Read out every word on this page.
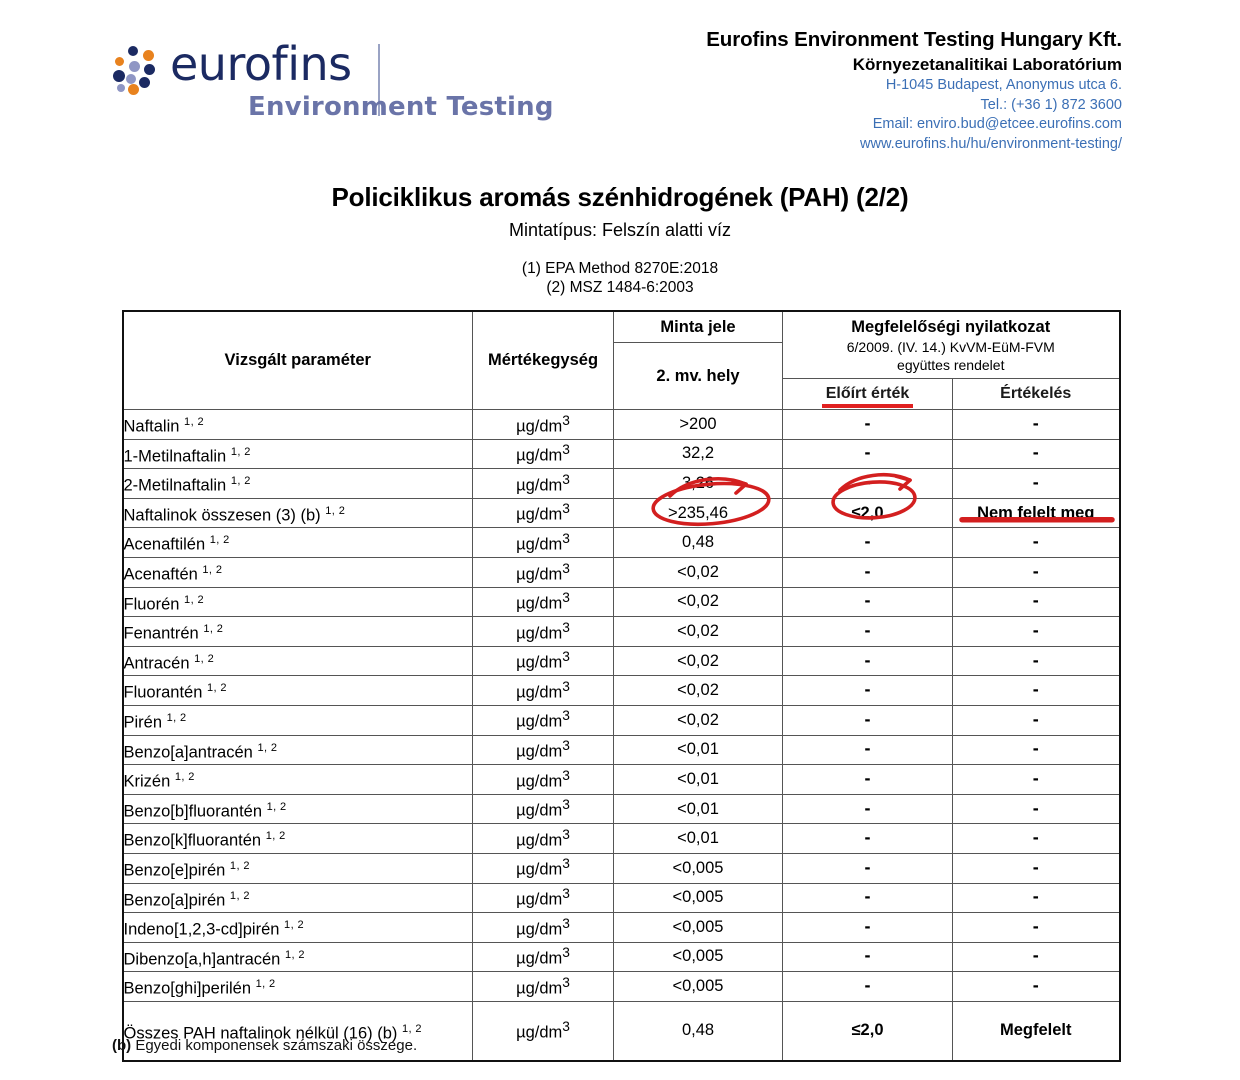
eurofins
Environment Testing
Eurofins Environment Testing Hungary Kft.
Környezetanalitikai Laboratórium
H-1045 Budapest, Anonymus utca 6.
Tel.: (+36 1) 872 3600
Email: enviro.bud@etcee.eurofins.com
www.eurofins.hu/hu/environment-testing/
Policiklikus aromás szénhidrogének (PAH) (2/2)
Mintatípus: Felszín alatti víz
(1) EPA Method 8270E:2018
(2) MSZ 1484-6:2003
Vizsgált paraméter	Mértékegység	Minta jele	Megfelelőségi nyilatkozat
6/2009. (IV. 14.) KvVM-EüM-FVM
együttes rendelet	

		2. mv. hely		
			Előírt érték	Értékelés
Naftalin $^{1, 2}$	$\mu g/dm^3$	>200	-	-
1-Metilnaftalin $^{1, 2}$	$\mu g/dm^3$	32,2	-	-
2-Metilnaftalin $^{1, 2}$	$\mu g/dm^3$	3,26	-	-
Naftalinok összesen (3) (b) $^{1, 2}$	$\mu g/dm^3$	>235,46	≤2,0	Nem felelt meg
Acenaftilén $^{1, 2}$	$\mu g/dm^3$	0,48	-	-
Acenaftén $^{1, 2}$	$\mu g/dm^3$	<0,02	-	-
Fluorén $^{1, 2}$	$\mu g/dm^3$	<0,02	-	-
Fenantrén $^{1, 2}$	$\mu g/dm^3$	<0,02	-	-
Antracén $^{1, 2}$	$\mu g/dm^3$	<0,02	-	-
Fluorantén $^{1, 2}$	$\mu g/dm^3$	<0,02	-	-
Pirén $^{1, 2}$	$\mu g/dm^3$	<0,02	-	-
Benzo[a]antracén $^{1, 2}$	$\mu g/dm^3$	<0,01	-	-
Krizén $^{1, 2}$	$\mu g/dm^3$	<0,01	-	-
Benzo[b]fluorantén $^{1, 2}$	$\mu g/dm^3$	<0,01	-	-
Benzo[k]fluorantén $^{1, 2}$	$\mu g/dm^3$	<0,01	-	-
Benzo[e]pirén $^{1, 2}$	$\mu g/dm^3$	<0,005	-	-
Benzo[a]pirén $^{1, 2}$	$\mu g/dm^3$	<0,005	-	-
Indeno[1,2,3-cd]pirén $^{1, 2}$	$\mu g/dm^3$	<0,005	-	-
Dibenzo[a,h]antracén $^{1, 2}$	$\mu g/dm^3$	<0,005	-	-
Benzo[ghi]perilén $^{1, 2}$	$\mu g/dm^3$	<0,005	-	-
Összes PAH naftalinok nélkül (16) (b) $^{1, 2}$	$\mu g/dm^3$	0,48	≤2,0	Megfelelt
(b) Egyedi komponensek számszaki összege.
